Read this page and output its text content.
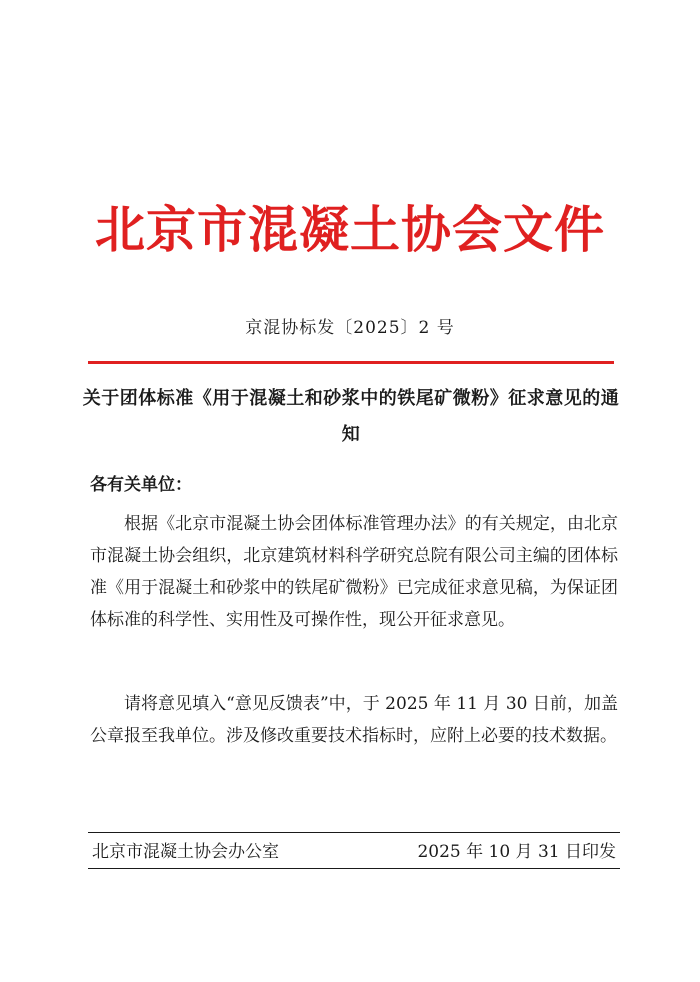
北京市混凝土协会文件
京混协标发〔2025〕2 号
关于团体标准《用于混凝土和砂浆中的铁尾矿微粉》征求意见的通知
各有关单位：

根据《北京市混凝土协会团体标准管理办法》的有关规定，由北京市混凝土协会组织，北京建筑材料科学研究总院有限公司主编的团体标准《用于混凝土和砂浆中的铁尾矿微粉》已完成征求意见稿，为保证团体标准的科学性、实用性及可操作性，现公开征求意见。

请将意见填入“意见反馈表”中，于 2025 年 11 月 30 日前，加盖公章报至我单位。涉及修改重要技术指标时，应附上必要的技术数据。

北京市混凝土协会办公室	2025 年 10 月 31 日印发
